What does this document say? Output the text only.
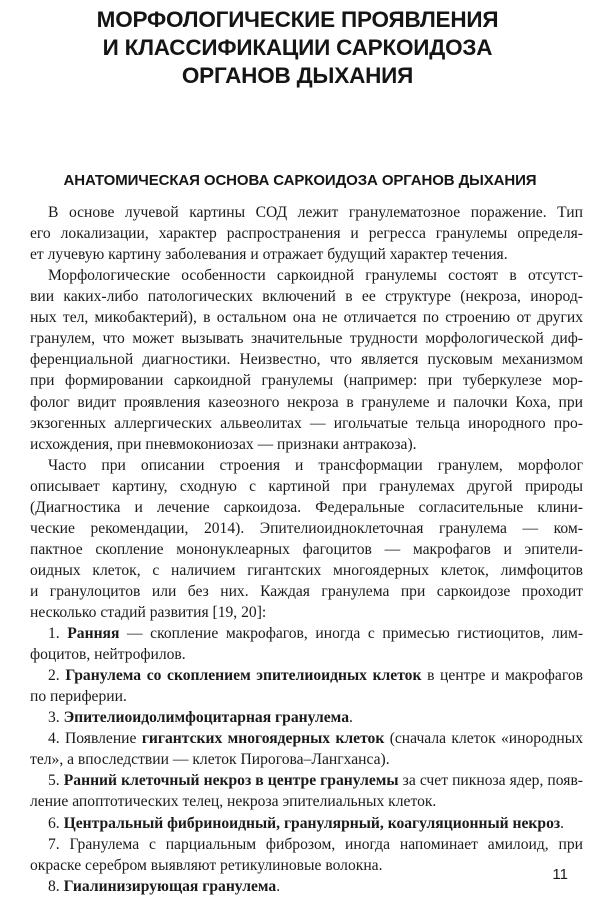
МОРФОЛОГИЧЕСКИЕ ПРОЯВЛЕНИЯ
И КЛАССИФИКАЦИИ САРКОИДОЗА
ОРГАНОВ ДЫХАНИЯ
АНАТОМИЧЕСКАЯ ОСНОВА САРКОИДОЗА ОРГАНОВ ДЫХАНИЯ
В основе лучевой картины СОД лежит гранулематозное поражение. Тип
его локализации, характер распространения и регресса гранулемы определя-
ет лучевую картину заболевания и отражает будущий характер течения.
Морфологические особенности саркоидной гранулемы состоят в отсутст-
вии каких-либо патологических включений в ее структуре (некроза, инород-
ных тел, микобактерий), в остальном она не отличается по строению от других
гранулем, что может вызывать значительные трудности морфологической диф-
ференциальной диагностики. Неизвестно, что является пусковым механизмом
при формировании саркоидной гранулемы (например: при туберкулезе мор-
фолог видит проявления казеозного некроза в гранулеме и палочки Коха, при
экзогенных аллергических альвеолитах — игольчатые тельца инородного про-
исхождения, при пневмокониозах — признаки антракоза).
Часто при описании строения и трансформации гранулем, морфолог
описывает картину, сходную с картиной при гранулемах другой природы
(Диагностика и лечение саркоидоза. Федеральные согласительные клини-
ческие рекомендации, 2014). Эпителиоидноклеточная гранулема — ком-
пактное скопление мононуклеарных фагоцитов — макрофагов и эпители-
оидных клеток, с наличием гигантских многоядерных клеток, лимфоцитов
и гранулоцитов или без них. Каждая гранулема при саркоидозе проходит
несколько стадий развития [19, 20]:
1. Ранняя — скопление макрофагов, иногда с примесью гистиоцитов, лим-
фоцитов, нейтрофилов.
2. Гранулема со скоплением эпителиоидных клеток в центре и макрофагов
по периферии.
3. Эпителиоидолимфоцитарная гранулема.
4. Появление гигантских многоядерных клеток (сначала клеток «инородных
тел», а впоследствии — клеток Пирогова–Лангханса).
5. Ранний клеточный некроз в центре гранулемы за счет пикноза ядер, появ-
ление апоптотических телец, некроза эпителиальных клеток.
6. Центральный фибриноидный, гранулярный, коагуляционный некроз.
7. Гранулема с парциальным фиброзом, иногда напоминает амилоид, при
окраске серебром выявляют ретикулиновые волокна.
8. Гиалинизирующая гранулема.
11
